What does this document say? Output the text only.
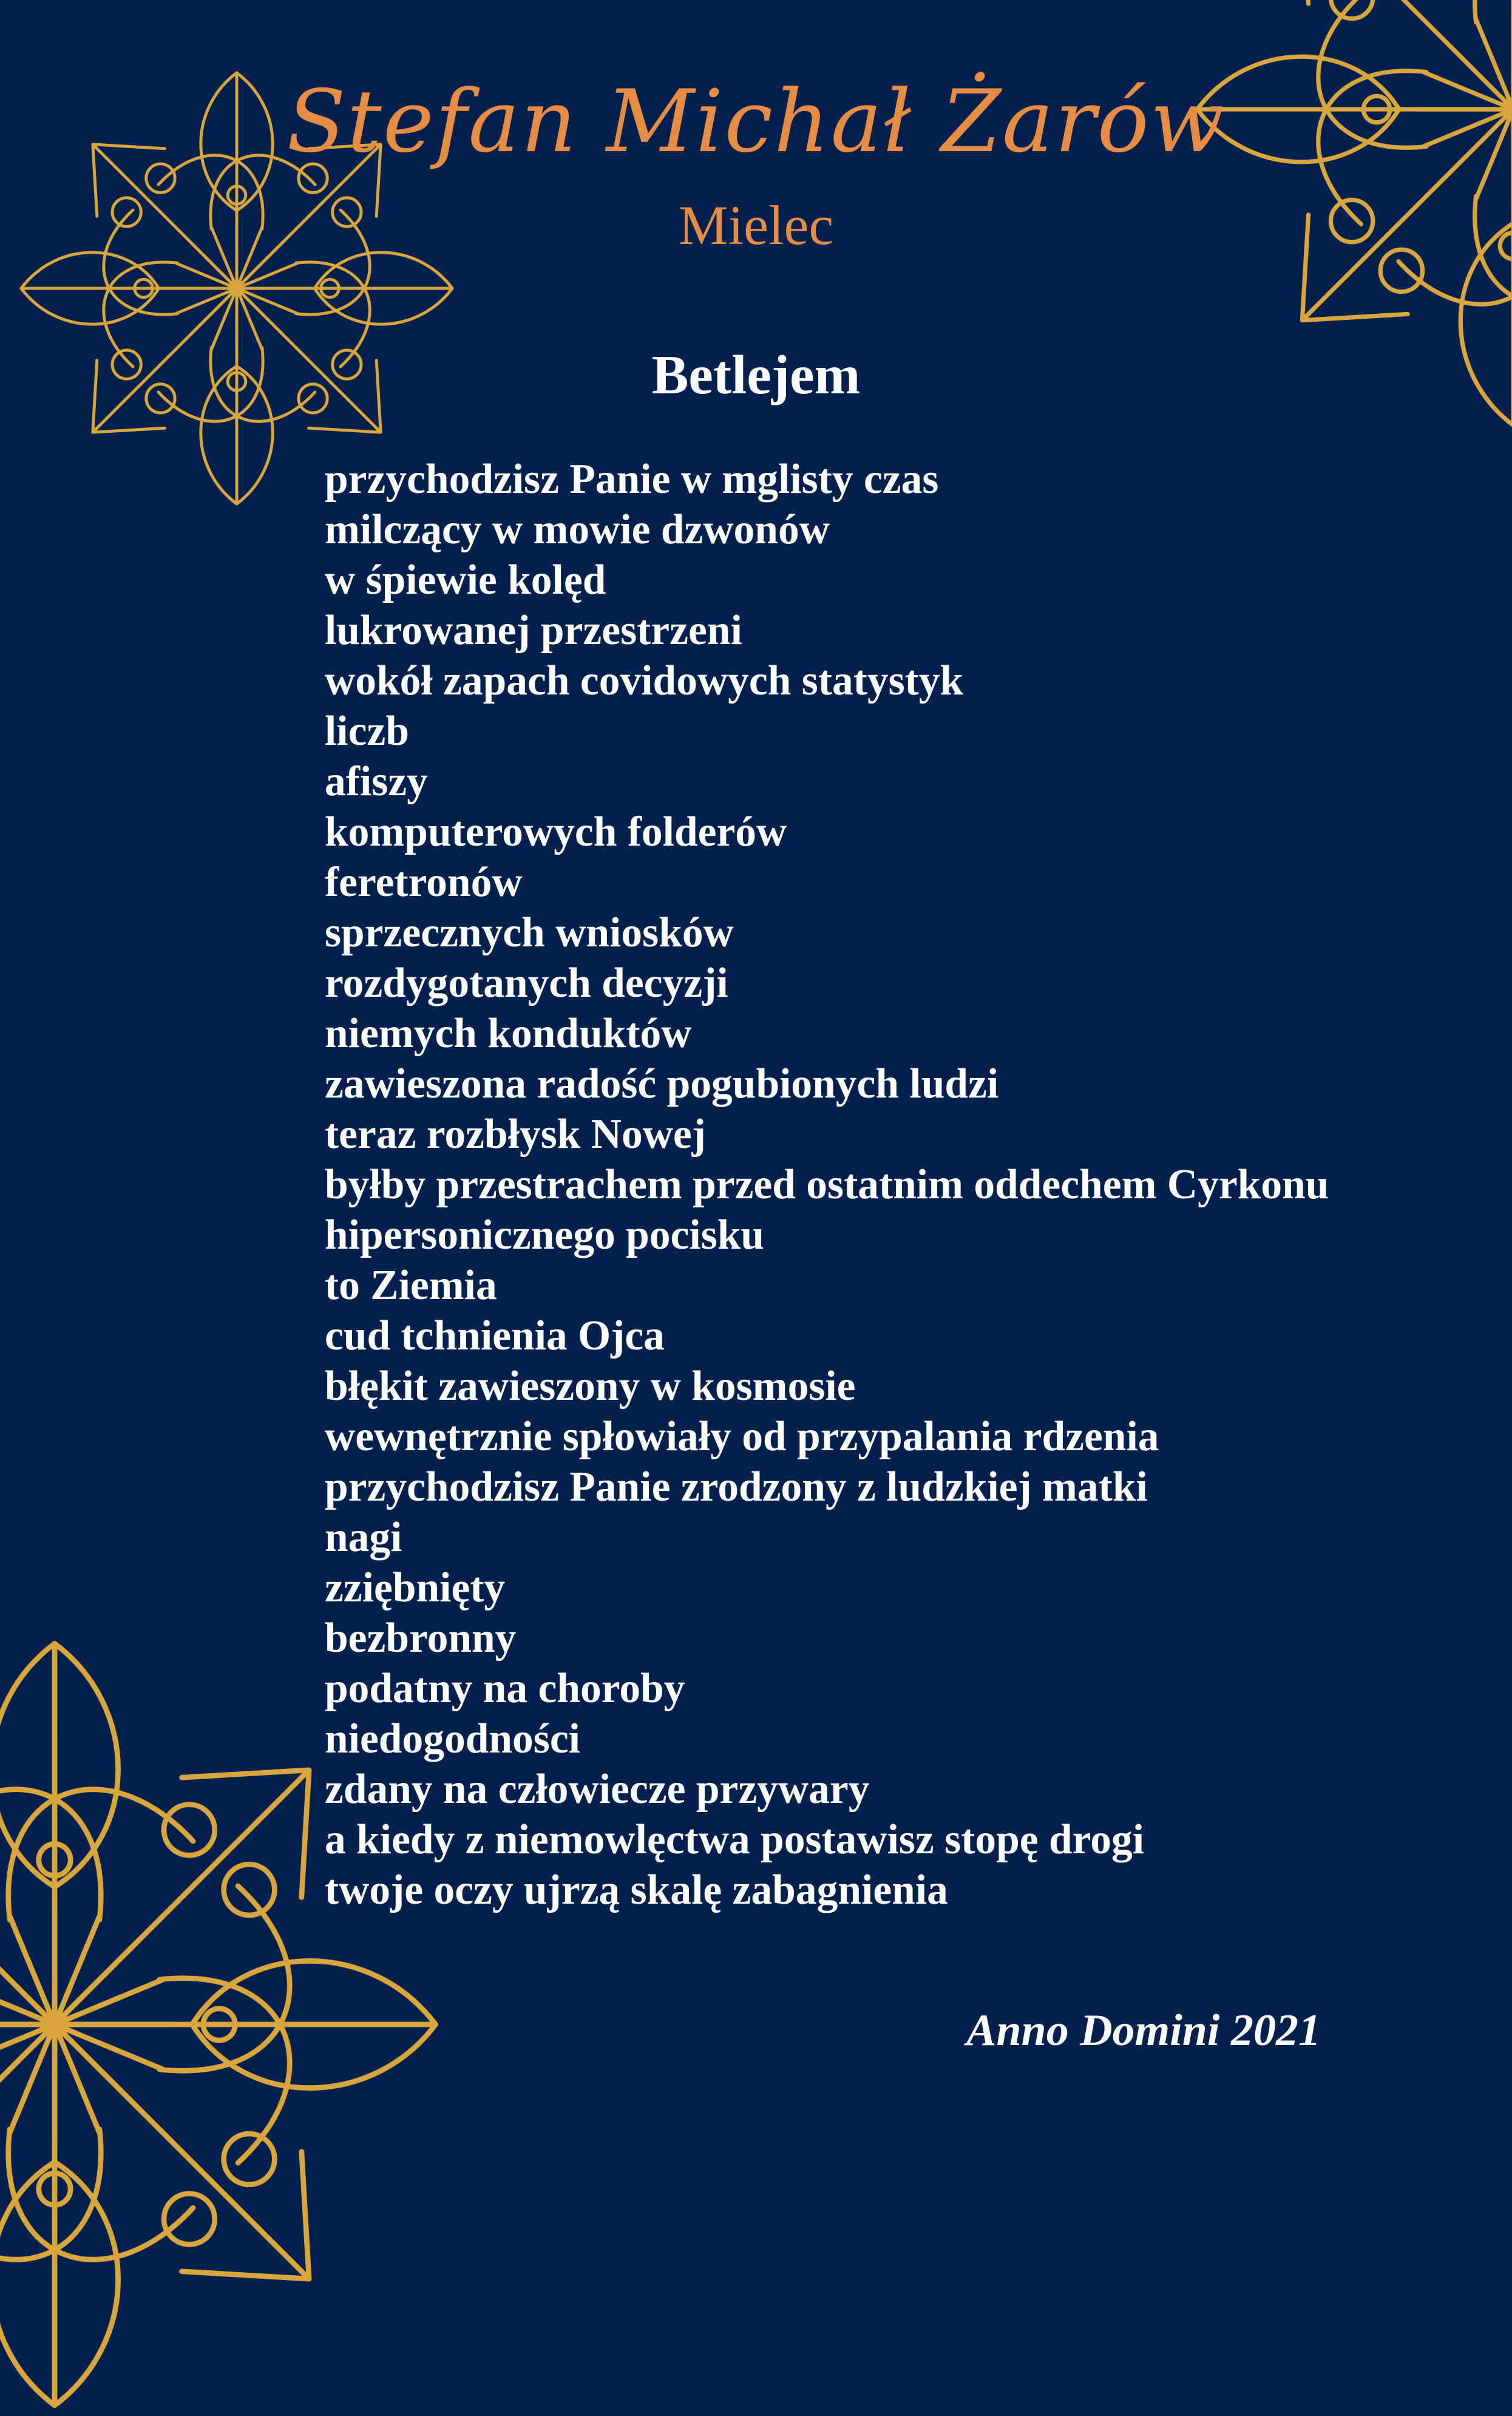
Stefan Michał Żarów
Mielec
Betlejem
przychodzisz Panie w mglisty czas
milczący w mowie dzwonów
w śpiewie kolęd
lukrowanej przestrzeni
wokół zapach covidowych statystyk
liczb
afiszy
komputerowych folderów
feretronów
sprzecznych wniosków
rozdygotanych decyzji
niemych konduktów
zawieszona radość pogubionych ludzi
teraz rozbłysk Nowej
byłby przestrachem przed ostatnim oddechem Cyrkonu
hipersonicznego pocisku
to Ziemia
cud tchnienia Ojca
błękit zawieszony w kosmosie
wewnętrznie spłowiały od przypalania rdzenia
przychodzisz Panie zrodzony z ludzkiej matki
nagi
zziębnięty
bezbronny
podatny na choroby
niedogodności
zdany na człowiecze przywary
a kiedy z niemowlęctwa postawisz stopę drogi
twoje oczy ujrzą skalę zabagnienia
Anno Domini 2021
